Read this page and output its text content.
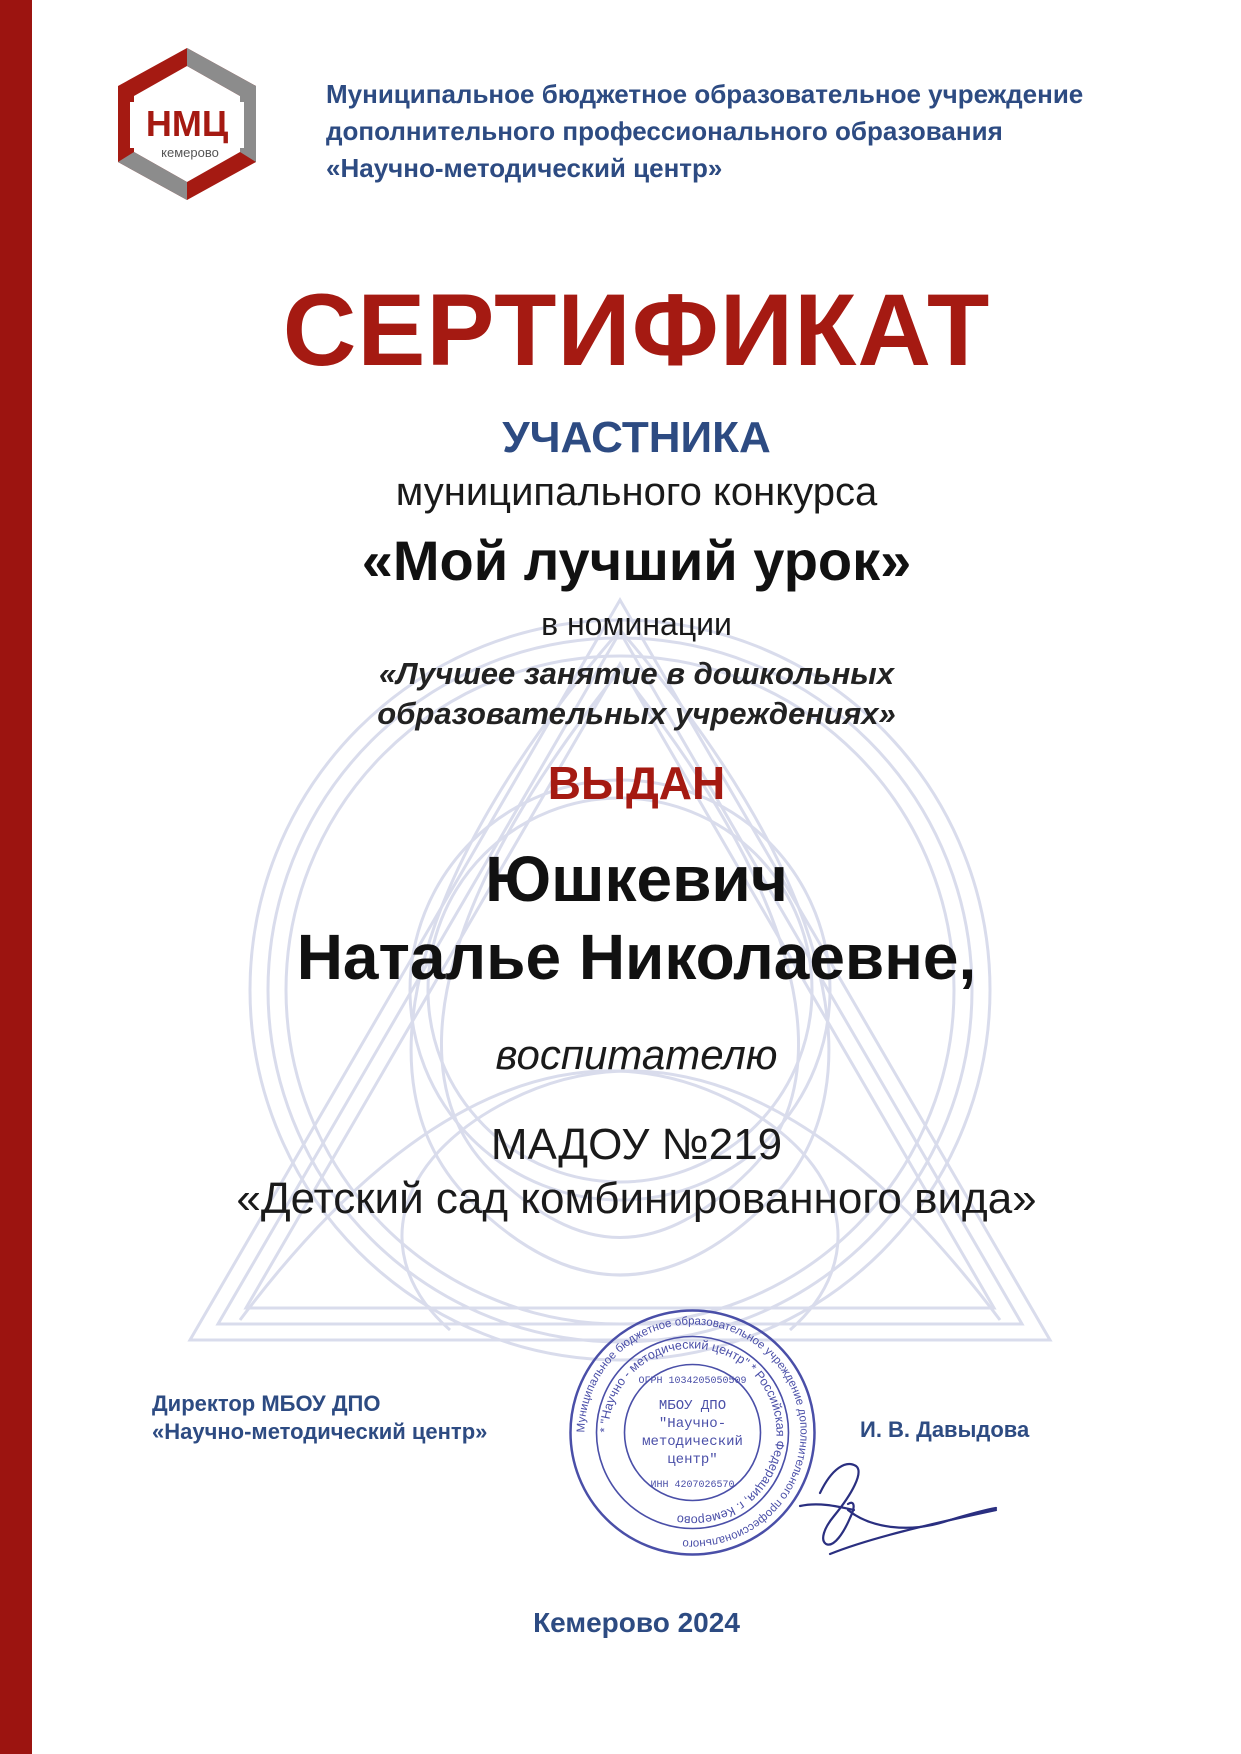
НМЦ
кемерово
Муниципальное бюджетное образовательное учреждение
дополнительного профессионального образования
«Научно-методический центр»
СЕРТИФИКАТ
УЧАСТНИКА
муниципального конкурса
«Мой лучший урок»
в номинации
«Лучшее занятие в дошкольных
образовательных учреждениях»
ВЫДАН
Юшкевич
Наталье Николаевне,
воспитателю
МАДОУ №219
«Детский сад комбинированного вида»
Директор МБОУ ДПО
«Научно-методический центр»	И. В. Давыдова
Муниципальное бюджетное образовательное учреждение дополнительного профессионального
* "Научно - методический центр" * Российская Федерация, г. Кемерово
ОГРН 1034205050509
МБОУ ДПО
"Научно-
методический
центр"
ИНН 4207026570
Кемерово 2024
